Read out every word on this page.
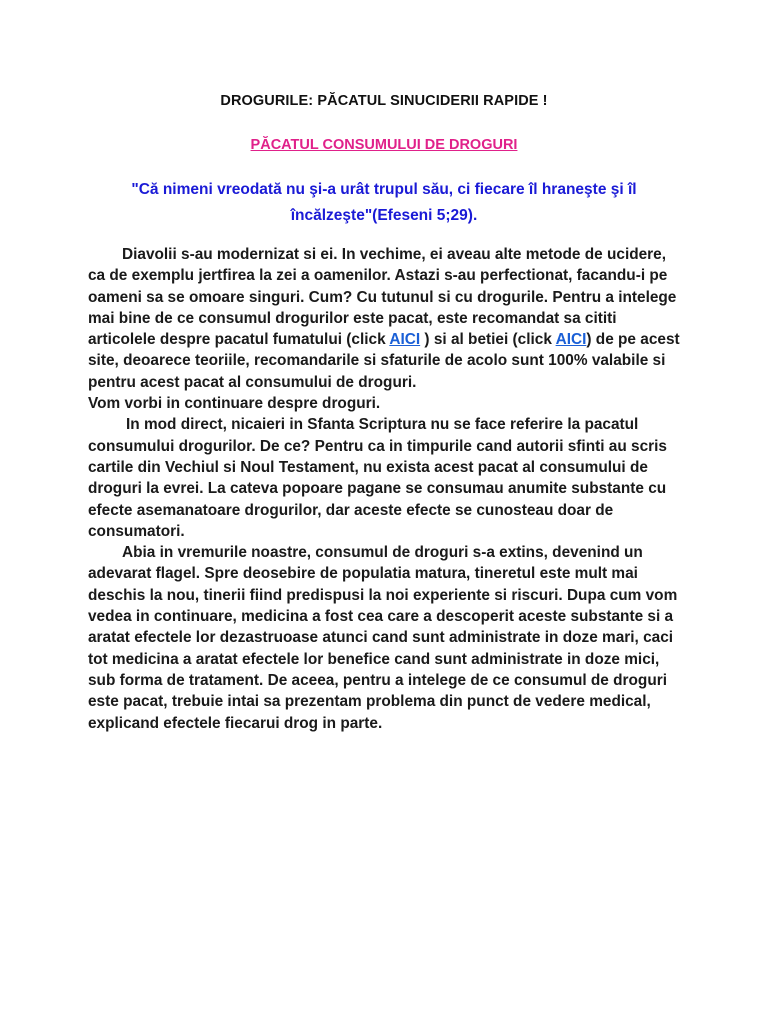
DROGURILE: PĂCATUL SINUCIDERII RAPIDE !
PĂCATUL CONSUMULUI DE DROGURI
"Că nimeni vreodată nu şi-a urât trupul său, ci fiecare îl hraneşte şi îl încălzeşte"(Efeseni 5;29).

Diavolii s-au modernizat si ei. In vechime, ei aveau alte metode de ucidere, ca de exemplu jertfirea la zei a oamenilor. Astazi s-au perfectionat, facandu-i pe oameni sa se omoare singuri. Cum? Cu tutunul si cu drogurile. Pentru a intelege mai bine de ce consumul drogurilor este pacat, este recomandat sa cititi articolele despre pacatul fumatului (click AICI ) si al betiei (click AICI) de pe acest site, deoarece teoriile, recomandarile si sfaturile de acolo sunt 100% valabile si pentru acest pacat al consumului de droguri.

Vom vorbi in continuare despre droguri.

In mod direct, nicaieri in Sfanta Scriptura nu se face referire la pacatul consumului drogurilor. De ce? Pentru ca in timpurile cand autorii sfinti au scris cartile din Vechiul si Noul Testament, nu exista acest pacat al consumului de droguri la evrei. La cateva popoare pagane se consumau anumite substante cu efecte asemanatoare drogurilor, dar aceste efecte se cunosteau doar de consumatori.

Abia in vremurile noastre, consumul de droguri s-a extins, devenind un adevarat flagel. Spre deosebire de populatia matura, tineretul este mult mai deschis la nou, tinerii fiind predispusi la noi experiente si riscuri. Dupa cum vom vedea in continuare, medicina a fost cea care a descoperit aceste substante si a aratat efectele lor dezastruoase atunci cand sunt administrate in doze mari, caci tot medicina a aratat efectele lor benefice cand sunt administrate in doze mici, sub forma de tratament. De aceea, pentru a intelege de ce consumul de droguri este pacat, trebuie intai sa prezentam problema din punct de vedere medical, explicand efectele fiecarui drog in parte.
